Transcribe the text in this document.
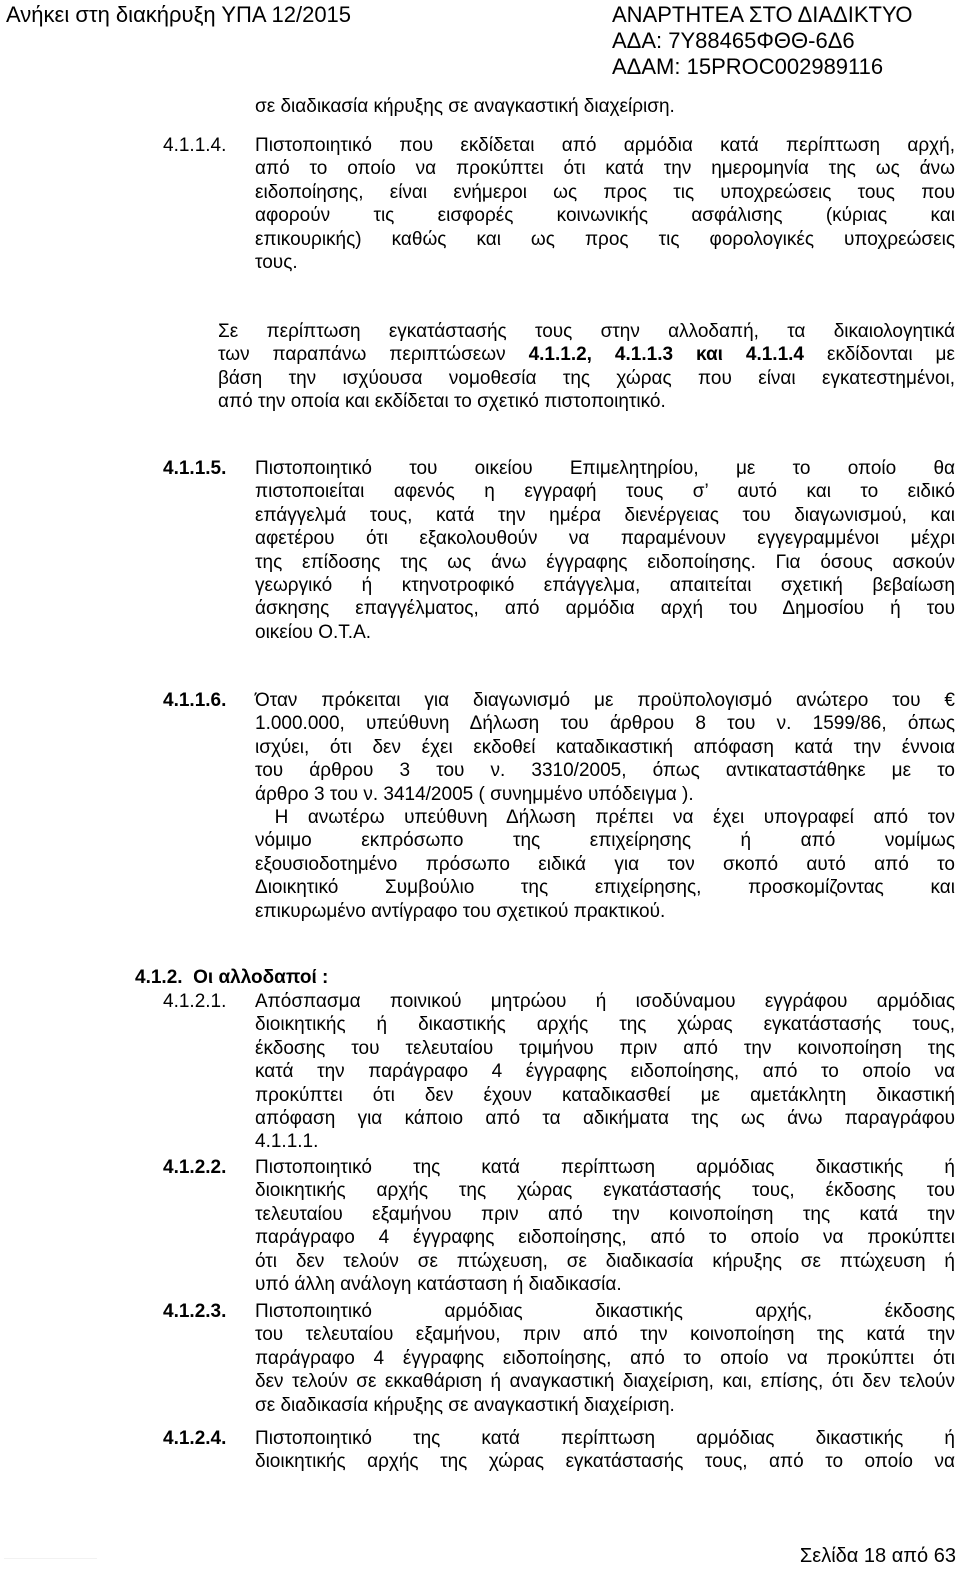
Ανήκει στη διακήρυξη ΥΠΑ 12/2015	ΑΝΑΡΤΗΤΕΑ ΣΤΟ ΔΙΑΔΙΚΤΥΟ
ΑΔΑ: 7Υ88465ΦΘΘ-6Δ6
ΑΔΑΜ: 15PROC002989116
σε διαδικασία κήρυξης σε αναγκαστική διαχείριση.
4.1.1.4. Πιστοποιητικό που εκδίδεται από αρμόδια κατά περίπτωση αρχή,
από το οποίο να προκύπτει ότι κατά την ημερομηνία της ως άνω
ειδοποίησης, είναι ενήμεροι ως προς τις υποχρεώσεις τους που
αφορούν τις εισφορές κοινωνικής ασφάλισης (κύριας και
επικουρικής) καθώς και ως προς τις φορολογικές υποχρεώσεις
τους.
Σε περίπτωση εγκατάστασής τους στην αλλοδαπή, τα δικαιολογητικά
των παραπάνω περιπτώσεων 4.1.1.2, 4.1.1.3 και 4.1.1.4 εκδίδονται με
βάση την ισχύουσα νομοθεσία της χώρας που είναι εγκατεστημένοι,
από την οποία και εκδίδεται το σχετικό πιστοποιητικό.
4.1.1.5. Πιστοποιητικό του οικείου Επιμελητηρίου, με το οποίο θα
πιστοποιείται αφενός η εγγραφή τους σ’ αυτό και το ειδικό
επάγγελμά τους, κατά την ημέρα διενέργειας του διαγωνισμού, και
αφετέρου ότι εξακολουθούν να παραμένουν εγγεγραμμένοι μέχρι
της επίδοσης της ως άνω έγγραφης ειδοποίησης. Για όσους ασκούν
γεωργικό ή κτηνοτροφικό επάγγελμα, απαιτείται σχετική βεβαίωση
άσκησης επαγγέλματος, από αρμόδια αρχή του Δημοσίου ή του
οικείου Ο.Τ.Α.
4.1.1.6. Όταν πρόκειται για διαγωνισμό με προϋπολογισμό ανώτερο του €
1.000.000, υπεύθυνη Δήλωση του άρθρου 8 του ν. 1599/86, όπως
ισχύει, ότι δεν έχει εκδοθεί καταδικαστική απόφαση κατά την έννοια
του άρθρου 3 του ν. 3310/2005, όπως αντικαταστάθηκε με το
άρθρο 3 του ν. 3414/2005 ( συνημμένο υπόδειγμα ).
Η ανωτέρω υπεύθυνη Δήλωση πρέπει να έχει υπογραφεί από τον
νόμιμο εκπρόσωπο της επιχείρησης ή από νομίμως
εξουσιοδοτημένο πρόσωπο ειδικά για τον σκοπό αυτό από το
Διοικητικό Συμβούλιο της επιχείρησης, προσκομίζοντας και
επικυρωμένο αντίγραφο του σχετικού πρακτικού.
4.1.2. Οι αλλοδαποί :
4.1.2.1. Απόσπασμα ποινικού μητρώου ή ισοδύναμου εγγράφου αρμόδιας
διοικητικής ή δικαστικής αρχής της χώρας εγκατάστασής τους,
έκδοσης του τελευταίου τριμήνου πριν από την κοινοποίηση της
κατά την παράγραφο 4 έγγραφης ειδοποίησης, από το οποίο να
προκύπτει ότι δεν έχουν καταδικασθεί με αμετάκλητη δικαστική
απόφαση για κάποιο από τα αδικήματα της ως άνω παραγράφου
4.1.1.1.
4.1.2.2. Πιστοποιητικό της κατά περίπτωση αρμόδιας δικαστικής ή
διοικητικής αρχής της χώρας εγκατάστασής τους, έκδοσης του
τελευταίου εξαμήνου πριν από την κοινοποίηση της κατά την
παράγραφο 4 έγγραφης ειδοποίησης, από το οποίο να προκύπτει
ότι δεν τελούν σε πτώχευση, σε διαδικασία κήρυξης σε πτώχευση ή
υπό άλλη ανάλογη κατάσταση ή διαδικασία.
4.1.2.3. Πιστοποιητικό αρμόδιας δικαστικής αρχής, έκδοσης
του τελευταίου εξαμήνου, πριν από την κοινοποίηση της κατά την
παράγραφο 4 έγγραφης ειδοποίησης, από το οποίο να προκύπτει ότι
δεν τελούν σε εκκαθάριση ή αναγκαστική διαχείριση, και, επίσης, ότι δεν τελούν
σε διαδικασία κήρυξης σε αναγκαστική διαχείριση.
4.1.2.4. Πιστοποιητικό της κατά περίπτωση αρμόδιας δικαστικής ή
διοικητικής αρχής της χώρας εγκατάστασής τους, από το οποίο να
·····························································································	Σελίδα 18 από 63
